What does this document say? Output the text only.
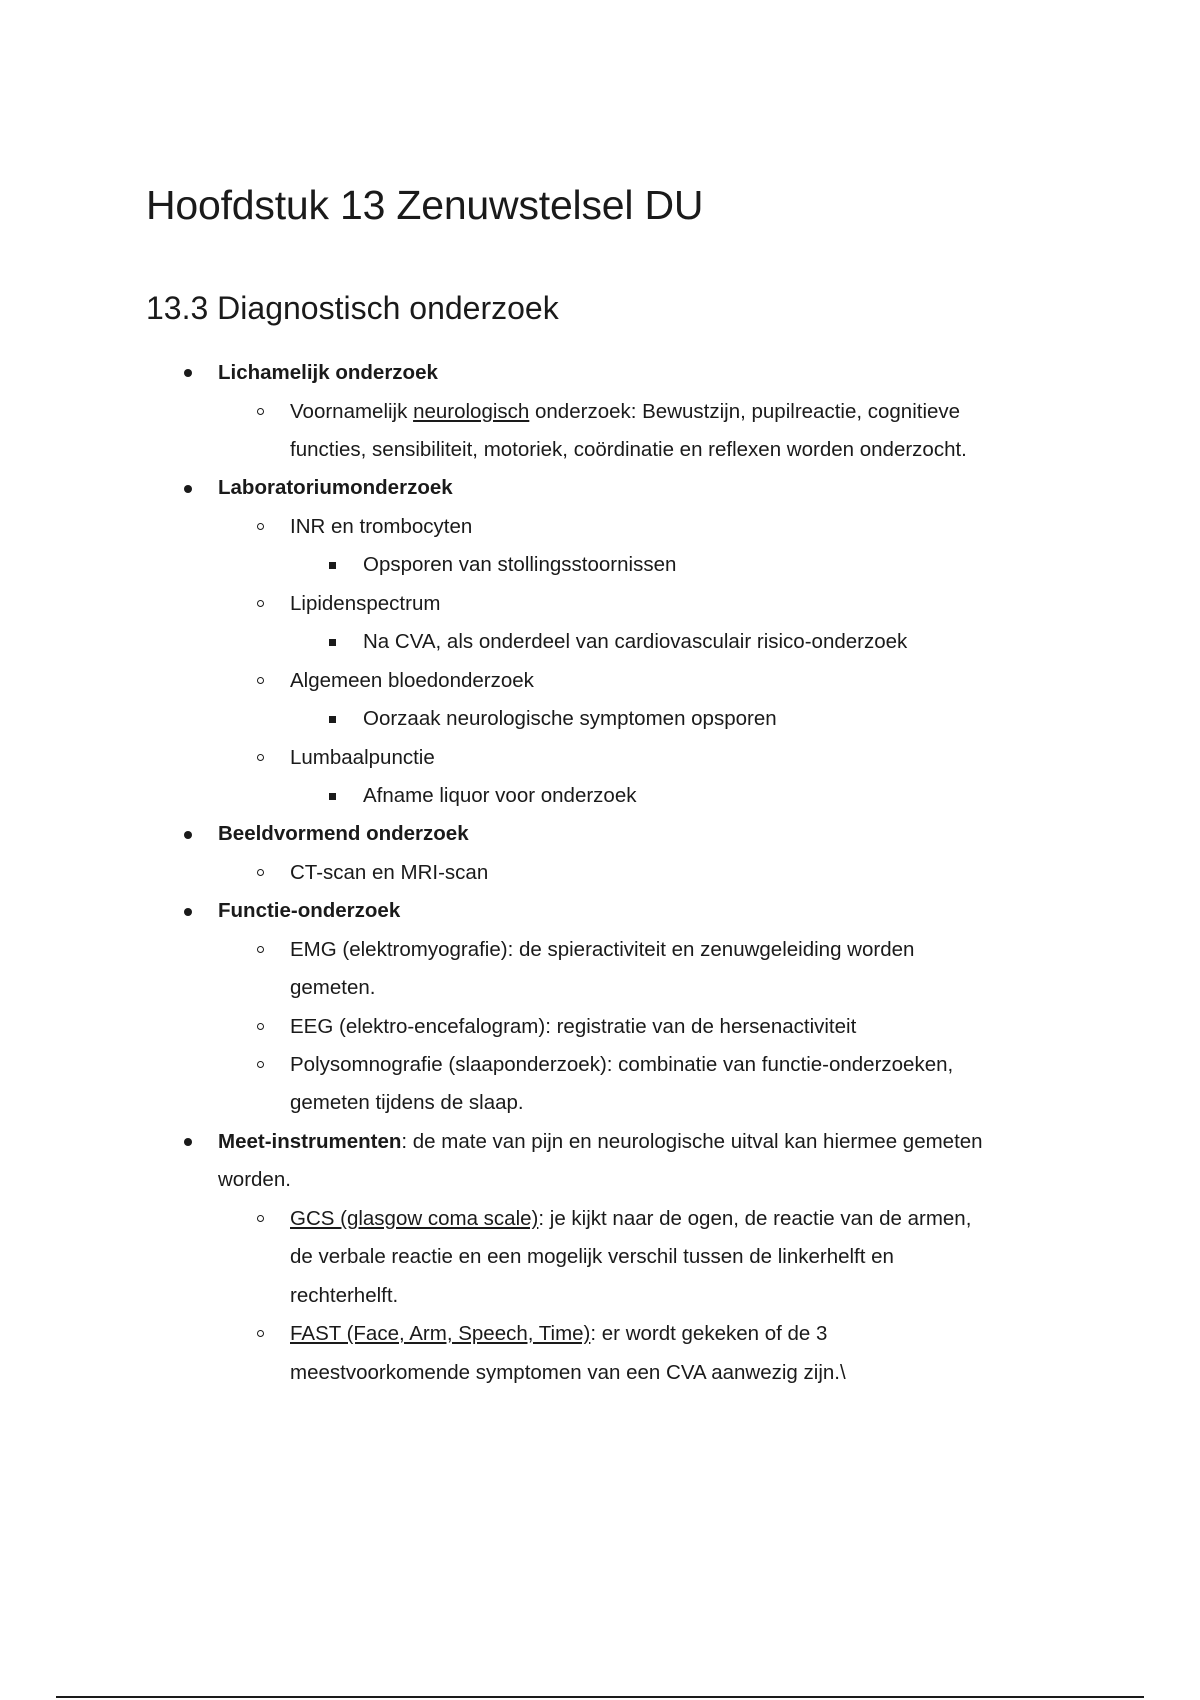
Hoofdstuk 13 Zenuwstelsel DU
13.3 Diagnostisch onderzoek
Lichamelijk onderzoek
Voornamelijk neurologisch onderzoek: Bewustzijn, pupilreactie, cognitieve
functies, sensibiliteit, motoriek, coördinatie en reflexen worden onderzocht.
Laboratoriumonderzoek
INR en trombocyten
Opsporen van stollingsstoornissen
Lipidenspectrum
Na CVA, als onderdeel van cardiovasculair risico-onderzoek
Algemeen bloedonderzoek
Oorzaak neurologische symptomen opsporen
Lumbaalpunctie
Afname liquor voor onderzoek
Beeldvormend onderzoek
CT-scan en MRI-scan
Functie-onderzoek
EMG (elektromyografie): de spieractiviteit en zenuwgeleiding worden
gemeten.
EEG (elektro-encefalogram): registratie van de hersenactiviteit
Polysomnografie (slaaponderzoek): combinatie van functie-onderzoeken,
gemeten tijdens de slaap.
Meet-instrumenten: de mate van pijn en neurologische uitval kan hiermee gemeten
worden.
GCS (glasgow coma scale): je kijkt naar de ogen, de reactie van de armen,
de verbale reactie en een mogelijk verschil tussen de linkerhelft en
rechterhelft.
FAST (Face, Arm, Speech, Time): er wordt gekeken of de 3
meestvoorkomende symptomen van een CVA aanwezig zijn.\
